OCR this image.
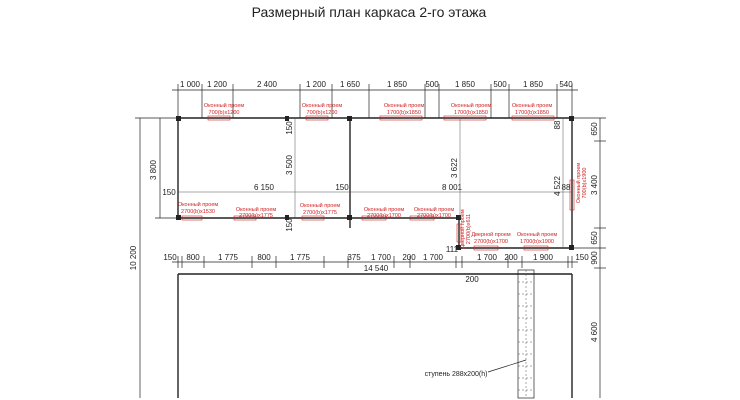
Размерный план каркаса 2-го этажа
1 000 1 200	2 400	1 200 1 650	1 850 500 1 850 500 1 850 540
Оконный проем
700(b)x1200
Оконный проем
700(b)x1200
Оконный проем
1700(b)x1850
Оконный проем
1700(b)x1850
Оконный проем
1700(b)x1850
Оконный проем
2700(b)x1530	Оконный проем
2700(b)x1775
Оконный проем
2700(b)x1775	Оконный проем
2700(b)x1700
Оконный проем
2700(b)x1700
Дверной проем
2700(b)x1700
Оконный проем
1700(b)x1900
Дверной проем 2700(b)x611
Оконный проем 700(b)x1900
150
6 150	150	8 001	88
3 500
150
150
3 622
4 522
88
3 800
10 200
650
3 400
650
900
4 600
150 800 1 775 800 1 775	375 1 700 200 1 700
111
1 700 200 1 900	150
200
14 540
ступень 288x200(h)
